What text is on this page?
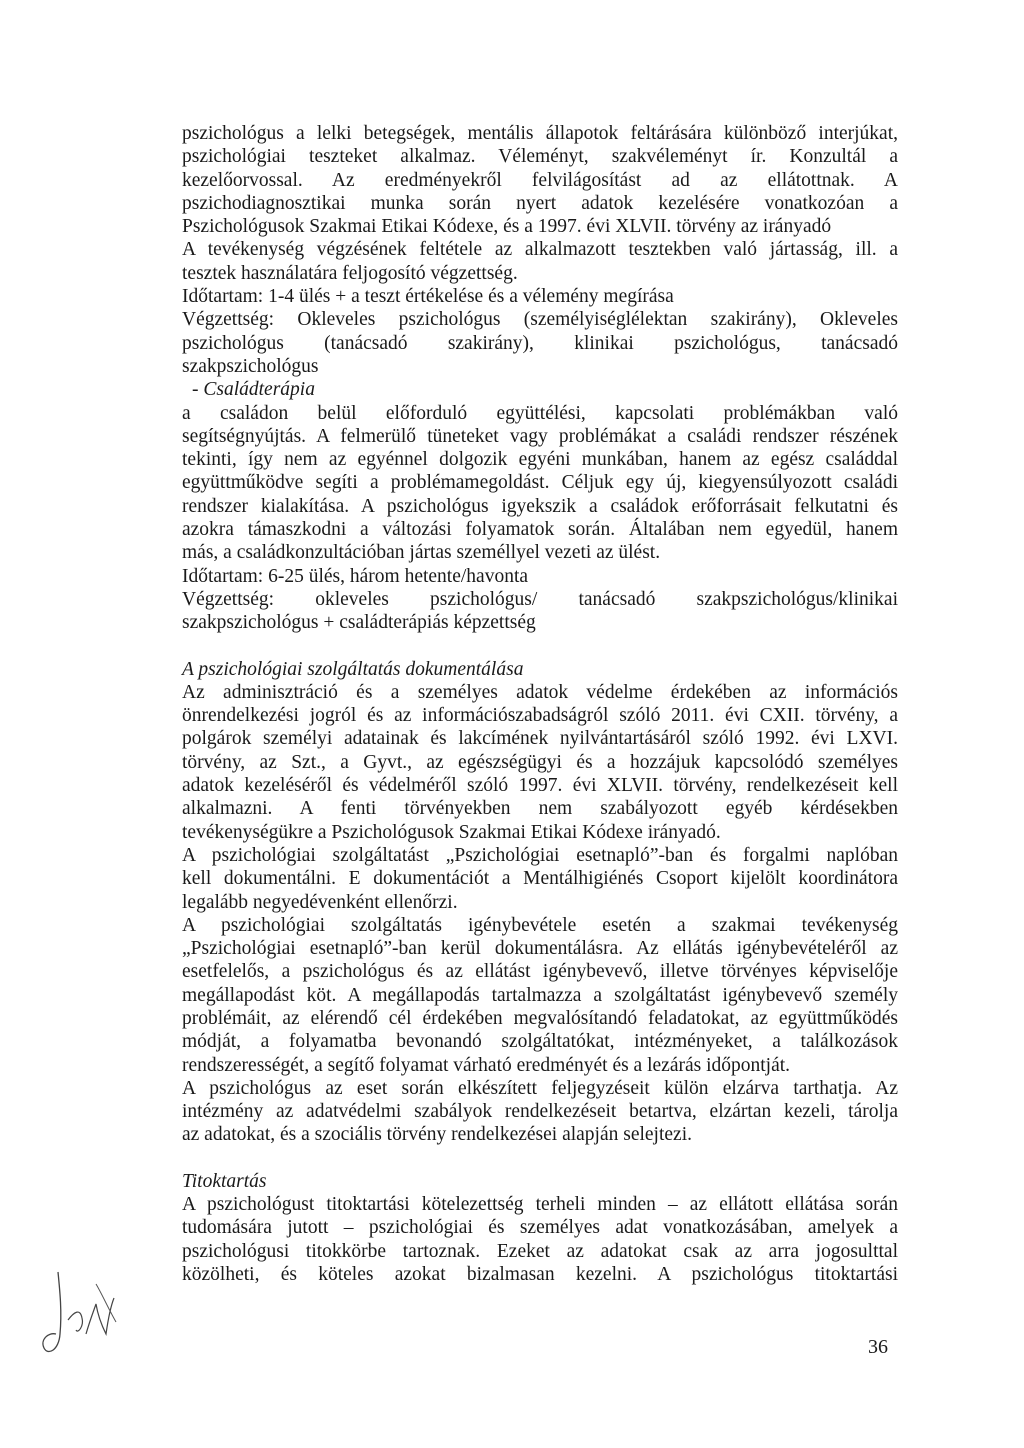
pszichológus a lelki betegségek, mentális állapotok feltárására különböző interjúkat,
pszichológiai teszteket alkalmaz. Véleményt, szakvéleményt ír. Konzultál a
kezelőorvossal. Az eredményekről felvilágosítást ad az ellátottnak. A
pszichodiagnosztikai munka során nyert adatok kezelésére vonatkozóan a
Pszichológusok Szakmai Etikai Kódexe, és a 1997. évi XLVII. törvény az irányadó
A tevékenység végzésének feltétele az alkalmazott tesztekben való jártasság, ill. a
tesztek használatára feljogosító végzettség.
Időtartam: 1-4 ülés + a teszt értékelése és a vélemény megírása
Végzettség: Okleveles pszichológus (személyiséglélektan szakirány), Okleveles
pszichológus (tanácsadó szakirány), klinikai pszichológus, tanácsadó
szakpszichológus
- Családterápia
a családon belül előforduló együttélési, kapcsolati problémákban való
segítségnyújtás. A felmerülő tüneteket vagy problémákat a családi rendszer részének
tekinti, így nem az egyénnel dolgozik egyéni munkában, hanem az egész családdal
együttműködve segíti a problémamegoldást. Céljuk egy új, kiegyensúlyozott családi
rendszer kialakítása. A pszichológus igyekszik a családok erőforrásait felkutatni és
azokra támaszkodni a változási folyamatok során. Általában nem egyedül, hanem
más, a családkonzultációban jártas személlyel vezeti az ülést.
Időtartam: 6-25 ülés, három hetente/havonta
Végzettség: okleveles pszichológus/ tanácsadó szakpszichológus/klinikai
szakpszichológus + családterápiás képzettség
A pszichológiai szolgáltatás dokumentálása
Az adminisztráció és a személyes adatok védelme érdekében az információs
önrendelkezési jogról és az információszabadságról szóló 2011. évi CXII. törvény, a
polgárok személyi adatainak és lakcímének nyilvántartásáról szóló 1992. évi LXVI.
törvény, az Szt., a Gyvt., az egészségügyi és a hozzájuk kapcsolódó személyes
adatok kezeléséről és védelméről szóló 1997. évi XLVII. törvény, rendelkezéseit kell
alkalmazni. A fenti törvényekben nem szabályozott egyéb kérdésekben
tevékenységükre a Pszichológusok Szakmai Etikai Kódexe irányadó.
A pszichológiai szolgáltatást „Pszichológiai esetnapló”-ban és forgalmi naplóban
kell dokumentálni. E dokumentációt a Mentálhigiénés Csoport kijelölt koordinátora
legalább negyedévenként ellenőrzi.
A pszichológiai szolgáltatás igénybevétele esetén a szakmai tevékenység
„Pszichológiai esetnapló”-ban kerül dokumentálásra. Az ellátás igénybevételéről az
esetfelelős, a pszichológus és az ellátást igénybevevő, illetve törvényes képviselője
megállapodást köt. A megállapodás tartalmazza a szolgáltatást igénybevevő személy
problémáit, az elérendő cél érdekében megvalósítandó feladatokat, az együttműködés
módját, a folyamatba bevonandó szolgáltatókat, intézményeket, a találkozások
rendszerességét, a segítő folyamat várható eredményét és a lezárás időpontját.
A pszichológus az eset során elkészített feljegyzéseit külön elzárva tarthatja. Az
intézmény az adatvédelmi szabályok rendelkezéseit betartva, elzártan kezeli, tárolja
az adatokat, és a szociális törvény rendelkezései alapján selejtezi.
Titoktartás
A pszichológust titoktartási kötelezettség terheli minden – az ellátott ellátása során
tudomására jutott – pszichológiai és személyes adat vonatkozásában, amelyek a
pszichológusi titokkörbe tartoznak. Ezeket az adatokat csak az arra jogosulttal
közölheti, és köteles azokat bizalmasan kezelni. A pszichológus titoktartási
36
